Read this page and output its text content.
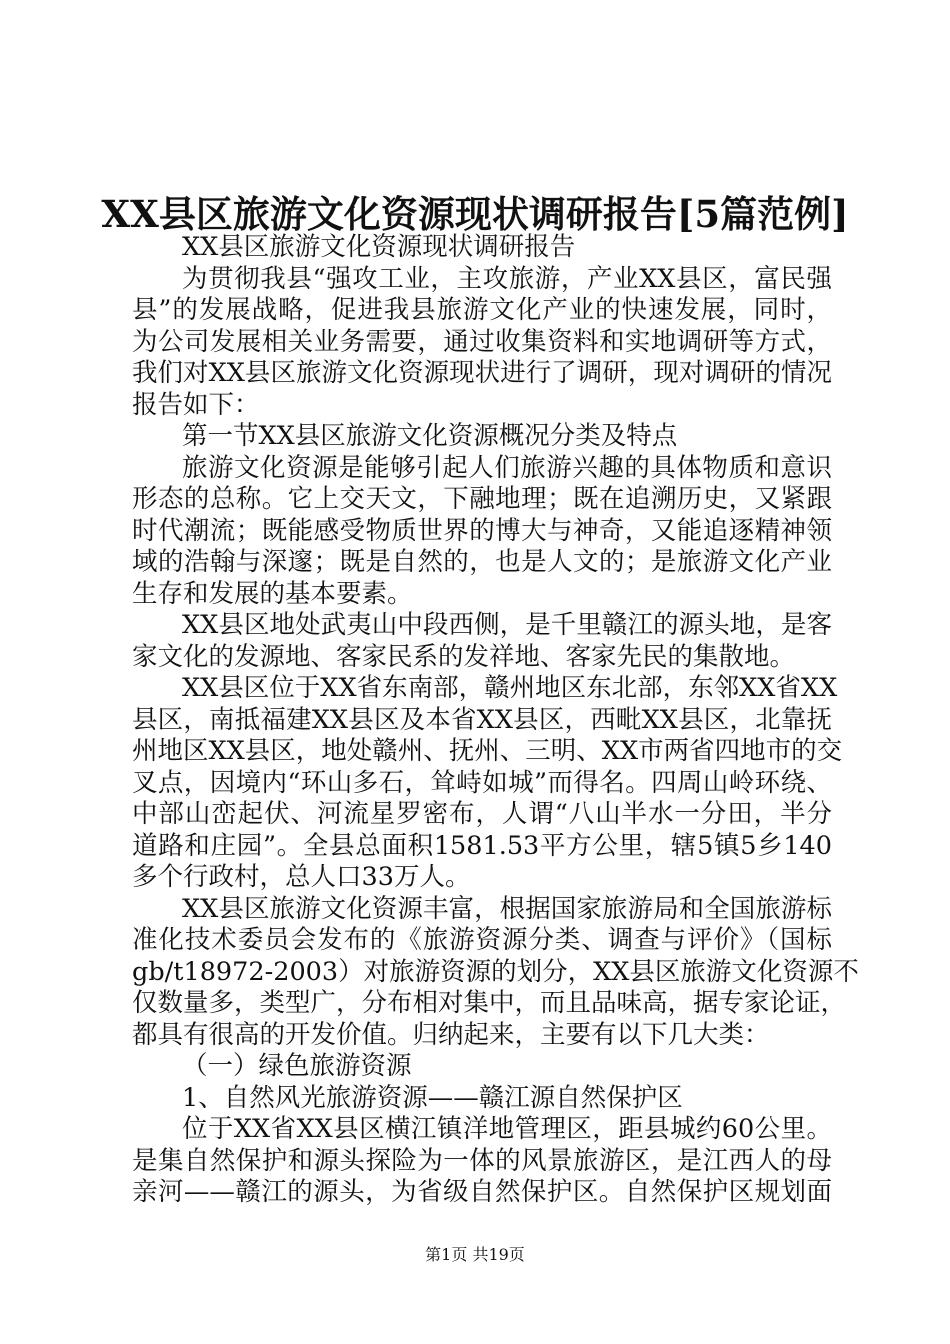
XX县区旅游文化资源现状调研报告[5篇范例]
XX县区旅游文化资源现状调研报告
为贯彻我县“强攻工业，主攻旅游，产业XX县区，富民强
县”的发展战略，促进我县旅游文化产业的快速发展，同时，
为公司发展相关业务需要，通过收集资料和实地调研等方式，
我们对XX县区旅游文化资源现状进行了调研，现对调研的情况
报告如下：
第一节XX县区旅游文化资源概况分类及特点
旅游文化资源是能够引起人们旅游兴趣的具体物质和意识
形态的总称。它上交天文，下融地理；既在追溯历史，又紧跟
时代潮流；既能感受物质世界的博大与神奇，又能追逐精神领
域的浩翰与深邃；既是自然的，也是人文的；是旅游文化产业
生存和发展的基本要素。
XX县区地处武夷山中段西侧，是千里赣江的源头地，是客
家文化的发源地、客家民系的发祥地、客家先民的集散地。
XX县区位于XX省东南部，赣州地区东北部，东邻XX省XX
县区，南抵福建XX县区及本省XX县区，西毗XX县区，北靠抚
州地区XX县区，地处赣州、抚州、三明、XX市两省四地市的交
叉点，因境内“环山多石，耸峙如城”而得名。四周山岭环绕、
中部山峦起伏、河流星罗密布，人谓“八山半水一分田，半分
道路和庄园”。全县总面积1581.53平方公里，辖5镇5乡140
多个行政村，总人口33万人。
XX县区旅游文化资源丰富，根据国家旅游局和全国旅游标
准化技术委员会发布的《旅游资源分类、调查与评价》（国标
gb/t18972-2003）对旅游资源的划分，XX县区旅游文化资源不
仅数量多，类型广，分布相对集中，而且品味高，据专家论证，
都具有很高的开发价值。归纳起来，主要有以下几大类：
（一）绿色旅游资源
1、自然风光旅游资源——赣江源自然保护区
位于XX省XX县区横江镇洋地管理区，距县城约60公里。
是集自然保护和源头探险为一体的风景旅游区，是江西人的母
亲河——赣江的源头，为省级自然保护区。自然保护区规划面
第1页 共19页
